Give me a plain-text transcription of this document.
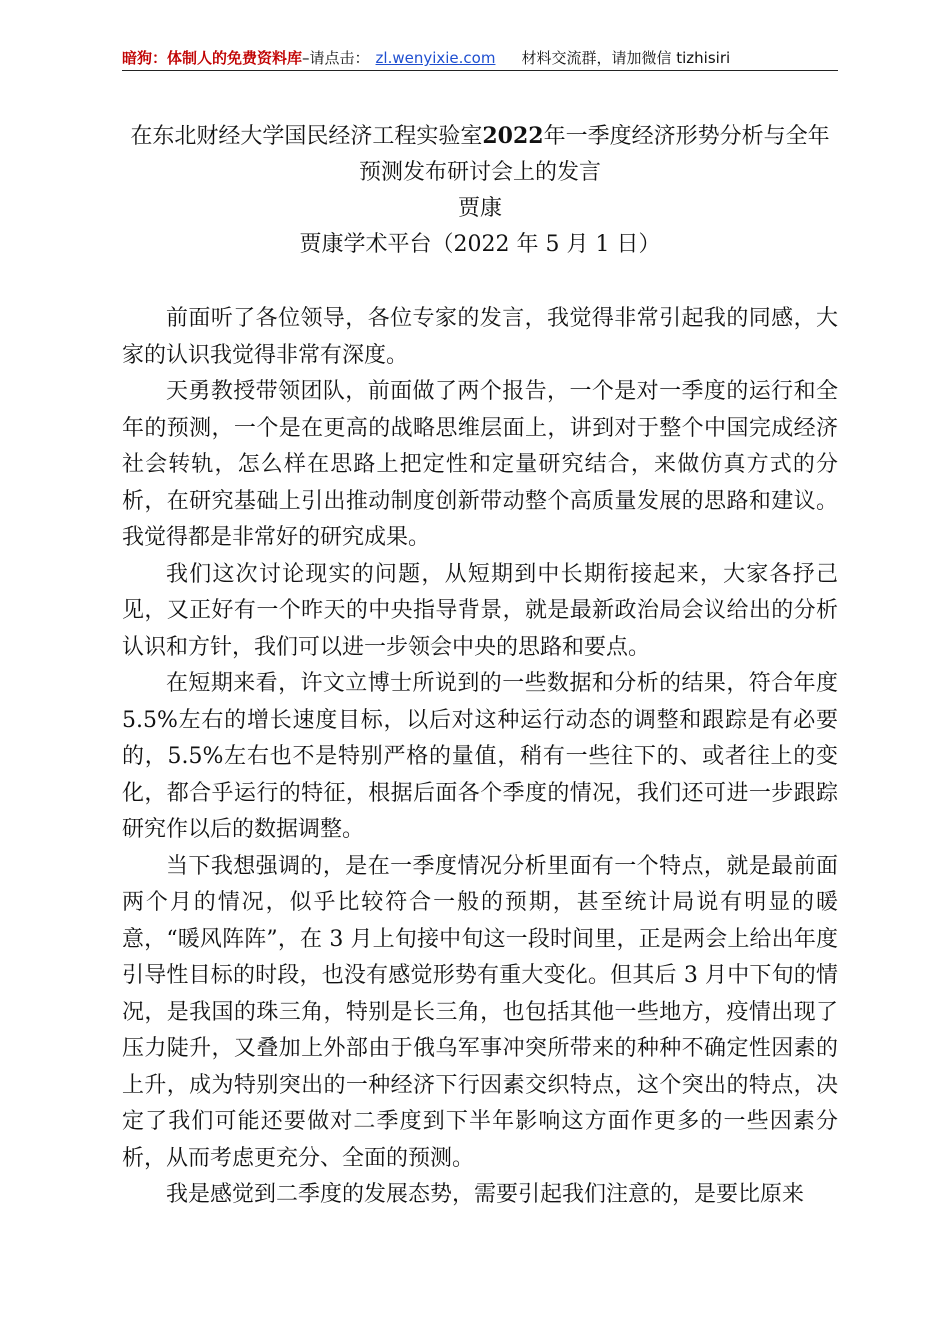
暗狗：体制人的免费资料库–请点击： zl.wenyixie.com 材料交流群，请加微信 tizhisiri
在东北财经大学国民经济工程实验室2022年一季度经济形势分析与全年
预测发布研讨会上的发言
贾康
贾康学术平台（2022 年 5 月 1 日）

前面听了各位领导，各位专家的发言，我觉得非常引起我的同感，大家的认识我觉得非常有深度。

天勇教授带领团队，前面做了两个报告，一个是对一季度的运行和全年的预测，一个是在更高的战略思维层面上，讲到对于整个中国完成经济社会转轨，怎么样在思路上把定性和定量研究结合，来做仿真方式的分析，在研究基础上引出推动制度创新带动整个高质量发展的思路和建议。我觉得都是非常好的研究成果。

我们这次讨论现实的问题，从短期到中长期衔接起来，大家各抒己见，又正好有一个昨天的中央指导背景，就是最新政治局会议给出的分析认识和方针，我们可以进一步领会中央的思路和要点。

在短期来看，许文立博士所说到的一些数据和分析的结果，符合年度 5.5%左右的增长速度目标，以后对这种运行动态的调整和跟踪是有必要的，5.5%左右也不是特别严格的量值，稍有一些往下的、或者往上的变化，都合乎运行的特征，根据后面各个季度的情况，我们还可进一步跟踪研究作以后的数据调整。

当下我想强调的，是在一季度情况分析里面有一个特点，就是最前面两个月的情况，似乎比较符合一般的预期，甚至统计局说有明显的暖意，“暖风阵阵”，在 3 月上旬接中旬这一段时间里，正是两会上给出年度引导性目标的时段，也没有感觉形势有重大变化。但其后 3 月中下旬的情况，是我国的珠三角，特别是长三角，也包括其他一些地方，疫情出现了压力陡升，又叠加上外部由于俄乌军事冲突所带来的种种不确定性因素的上升，成为特别突出的一种经济下行因素交织特点，这个突出的特点，决定了我们可能还要做对二季度到下半年影响这方面作更多的一些因素分析，从而考虑更充分、全面的预测。

我是感觉到二季度的发展态势，需要引起我们注意的，是要比原来
